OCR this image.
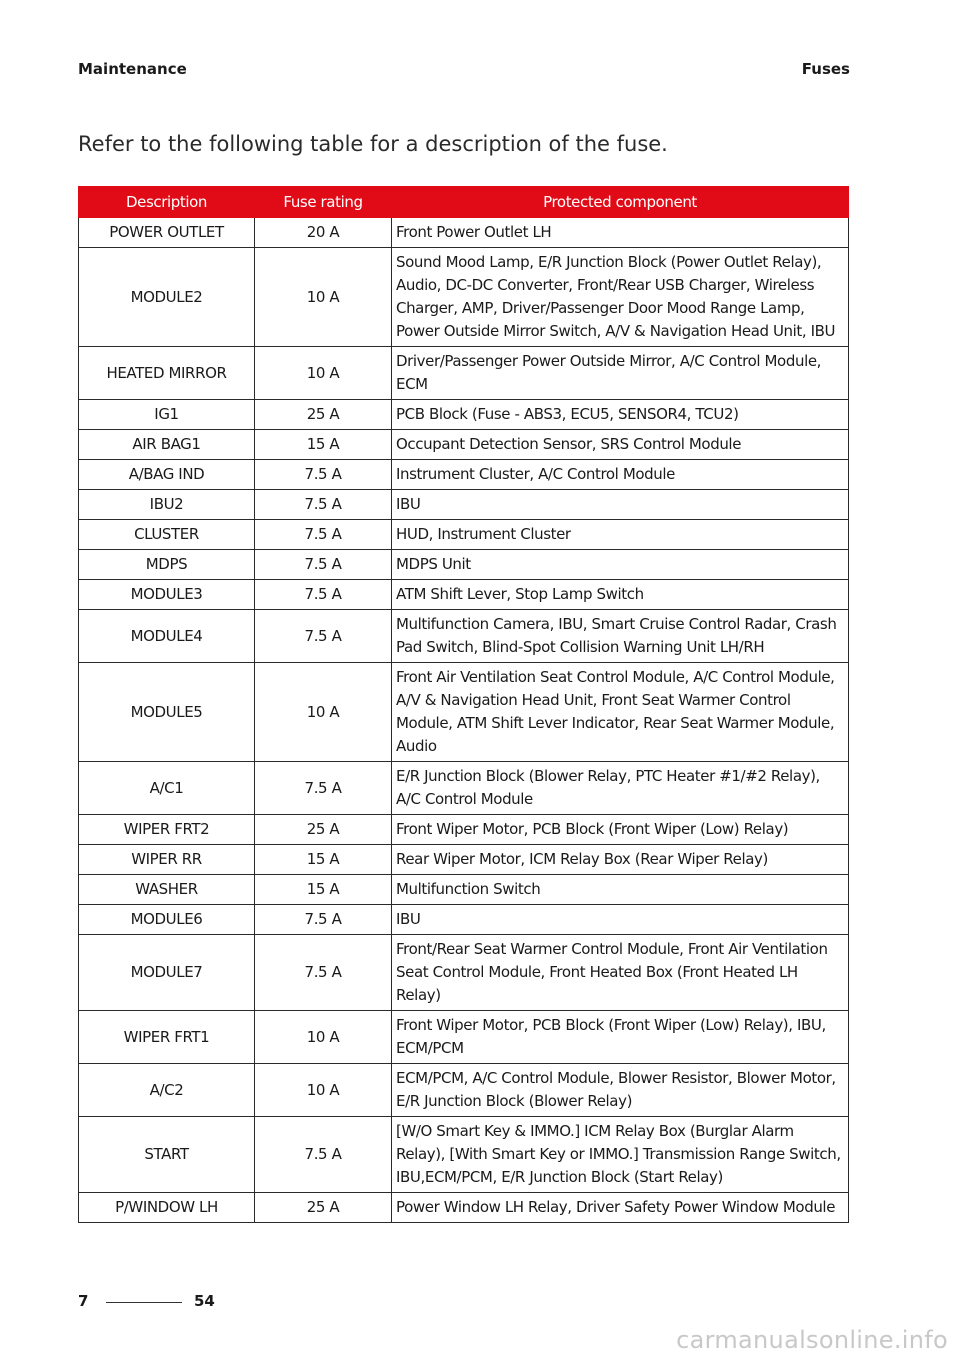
Maintenance	Fuses
Refer to the following table for a description of the fuse.
Description	Fuse rating	Protected component
POWER OUTLET	20 A	Front Power Outlet LH
MODULE2	10 A	Sound Mood Lamp, E/R Junction Block (Power Outlet Relay), Audio, DC-DC Converter, Front/Rear USB Charger, Wireless Charger, AMP, Driver/Passenger Door Mood Range Lamp, Power Outside Mirror Switch, A/V & Navigation Head Unit, IBU
HEATED MIRROR	10 A	Driver/Passenger Power Outside Mirror, A/C Control Module, ECM
IG1	25 A	PCB Block (Fuse - ABS3, ECU5, SENSOR4, TCU2)
AIR BAG1	15 A	Occupant Detection Sensor, SRS Control Module
A/BAG IND	7.5 A	Instrument Cluster, A/C Control Module
IBU2	7.5 A	IBU
CLUSTER	7.5 A	HUD, Instrument Cluster
MDPS	7.5 A	MDPS Unit
MODULE3	7.5 A	ATM Shift Lever, Stop Lamp Switch
MODULE4	7.5 A	Multifunction Camera, IBU, Smart Cruise Control Radar, Crash Pad Switch, Blind-Spot Collision Warning Unit LH/RH
MODULE5	10 A	Front Air Ventilation Seat Control Module, A/C Control Module, A/V & Navigation Head Unit, Front Seat Warmer Control Module, ATM Shift Lever Indicator, Rear Seat Warmer Module, Audio
A/C1	7.5 A	E/R Junction Block (Blower Relay, PTC Heater #1/#2 Relay), A/C Control Module
WIPER FRT2	25 A	Front Wiper Motor, PCB Block (Front Wiper (Low) Relay)
WIPER RR	15 A	Rear Wiper Motor, ICM Relay Box (Rear Wiper Relay)
WASHER	15 A	Multifunction Switch
MODULE6	7.5 A	IBU
MODULE7	7.5 A	Front/Rear Seat Warmer Control Module, Front Air Ventilation Seat Control Module, Front Heated Box (Front Heated LH Relay)
WIPER FRT1	10 A	Front Wiper Motor, PCB Block (Front Wiper (Low) Relay), IBU, ECM/PCM
A/C2	10 A	ECM/PCM, A/C Control Module, Blower Resistor, Blower Motor, E/R Junction Block (Blower Relay)
START	7.5 A	[W/O Smart Key & IMMO.] ICM Relay Box (Burglar Alarm Relay), [With Smart Key or IMMO.] Transmission Range Switch, IBU,ECM/PCM, E/R Junction Block (Start Relay)
P/WINDOW LH	25 A	Power Window LH Relay, Driver Safety Power Window Module
7	54
carmanualsonline.info
